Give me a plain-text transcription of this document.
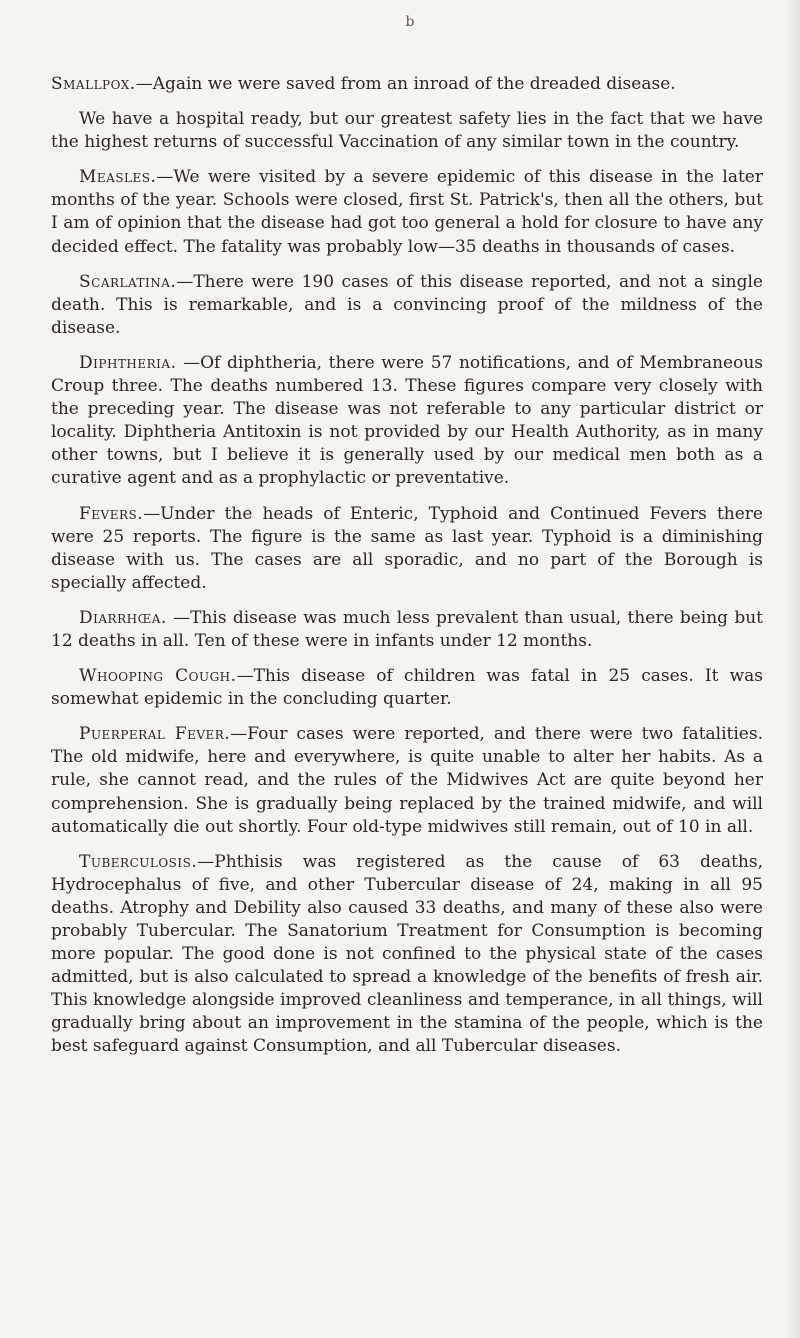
b

Smallpox.—Again we were saved from an inroad of the dreaded disease.

We have a hospital ready, but our greatest safety lies in the fact that we have the highest returns of successful Vaccination of any similar town in the country.

Measles.—We were visited by a severe epidemic of this disease in the later months of the year. Schools were closed, first St. Patrick's, then all the others, but I am of opinion that the disease had got too general a hold for closure to have any decided effect. The fatality was probably low—35 deaths in thousands of cases.

Scarlatina.—There were 190 cases of this disease reported, and not a single death. This is remarkable, and is a convincing proof of the mildness of the disease.

Diphtheria. —Of diphtheria, there were 57 notifications, and of Membraneous Croup three. The deaths numbered 13. These figures compare very closely with the preceding year. The disease was not referable to any particular district or locality. Diphtheria Antitoxin is not provided by our Health Authority, as in many other towns, but I believe it is generally used by our medical men both as a curative agent and as a prophylactic or preventative.

Fevers.—Under the heads of Enteric, Typhoid and Continued Fevers there were 25 reports. The figure is the same as last year. Typhoid is a diminishing disease with us. The cases are all sporadic, and no part of the Borough is specially affected.

Diarrhœa. —This disease was much less prevalent than usual, there being but 12 deaths in all. Ten of these were in infants under 12 months.

Whooping Cough.—This disease of children was fatal in 25 cases. It was somewhat epidemic in the concluding quarter.

Puerperal Fever.—Four cases were reported, and there were two fatalities. The old midwife, here and everywhere, is quite unable to alter her habits. As a rule, she cannot read, and the rules of the Midwives Act are quite beyond her comprehension. She is gradually being replaced by the trained midwife, and will automatically die out shortly. Four old-type midwives still remain, out of 10 in all.

Tuberculosis.—Phthisis was registered as the cause of 63 deaths, Hydrocephalus of five, and other Tubercular disease of 24, making in all 95 deaths. Atrophy and Debility also caused 33 deaths, and many of these also were probably Tubercular. The Sanatorium Treatment for Consumption is becoming more popular. The good done is not confined to the physical state of the cases admitted, but is also calculated to spread a knowledge of the benefits of fresh air. This knowledge alongside improved cleanliness and temperance, in all things, will gradually bring about an improvement in the stamina of the people, which is the best safeguard against Consumption, and all Tubercular diseases.
